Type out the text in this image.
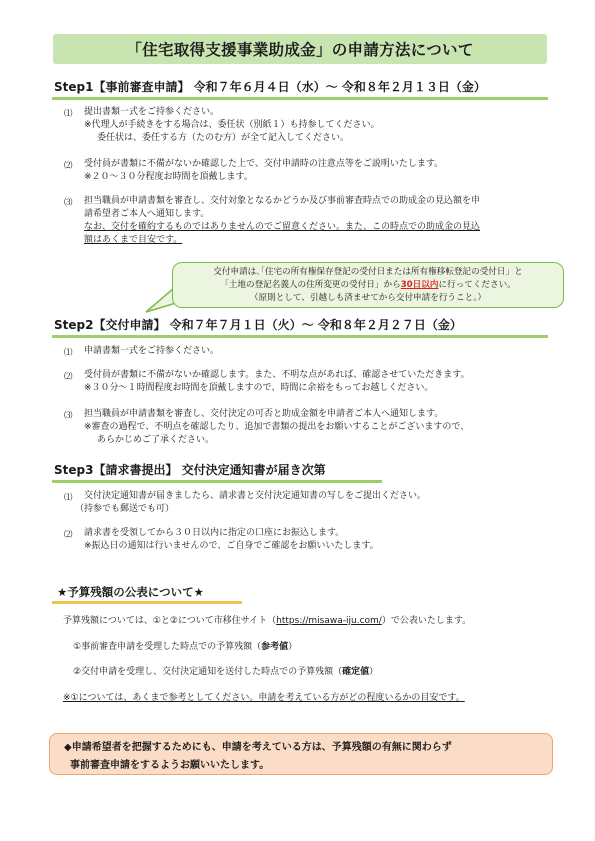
「住宅取得支援事業助成金」の申請方法について
Step1【事前審査申請】 令和７年６月４日（水）～ 令和８年２月１３日（金）
⑴ 提出書類一式をご持参ください。
※代理人が手続きをする場合は、委任状（別紙１）も持参してください。
委任状は、委任する方（たのむ方）が全て記入してください。
⑵ 受付員が書類に不備がないか確認した上で、交付申請時の注意点等をご説明いたします。
※２０～３０分程度お時間を頂戴します。
⑶ 担当職員が申請書類を審査し、交付対象となるかどうか及び事前審査時点での助成金の見込額を申
請希望者ご本人へ通知します。
なお、交付を確約するものではありませんのでご留意ください。また、この時点での助成金の見込
額はあくまで目安です。
交付申請は､｢住宅の所有権保存登記の受付日または所有権移転登記の受付日」と
「土地の登記名義人の住所変更の受付日」から30日以内に行ってください。
（原則として、引越しも済ませてから交付申請を行うこと。）
Step2【交付申請】 令和７年７月１日（火）～ 令和８年２月２７日（金）
⑴ 申請書類一式をご持参ください。
⑵ 受付員が書類に不備がないか確認します。また、不明な点があれば、確認させていただきます。
※３０分～１時間程度お時間を頂戴しますので、時間に余裕をもってお越しください。
⑶ 担当職員が申請書類を審査し、交付決定の可否と助成金額を申請者ご本人へ通知します。
※審査の過程で、不明点を確認したり、追加で書類の提出をお願いすることがございますので、
あらかじめご了承ください。
Step3【請求書提出】 交付決定通知書が届き次第
⑴ 交付決定通知書が届きましたら、請求書と交付決定通知書の写しをご提出ください。
（持参でも郵送でも可）
⑵ 請求書を受領してから３０日以内に指定の口座にお振込します。
※振込日の通知は行いませんので、ご自身でご確認をお願いいたします。
★予算残額の公表について★
予算残額については、①と②について市移住サイト（https://misawa-iju.com/）で公表いたします。
①事前審査申請を受理した時点での予算残額（参考値）
②交付申請を受理し、交付決定通知を送付した時点での予算残額（確定値）
※①については、あくまで参考としてください。申請を考えている方がどの程度いるかの目安です。
◆申請希望者を把握するためにも、申請を考えている方は、予算残額の有無に関わらず
事前審査申請をするようお願いいたします。
